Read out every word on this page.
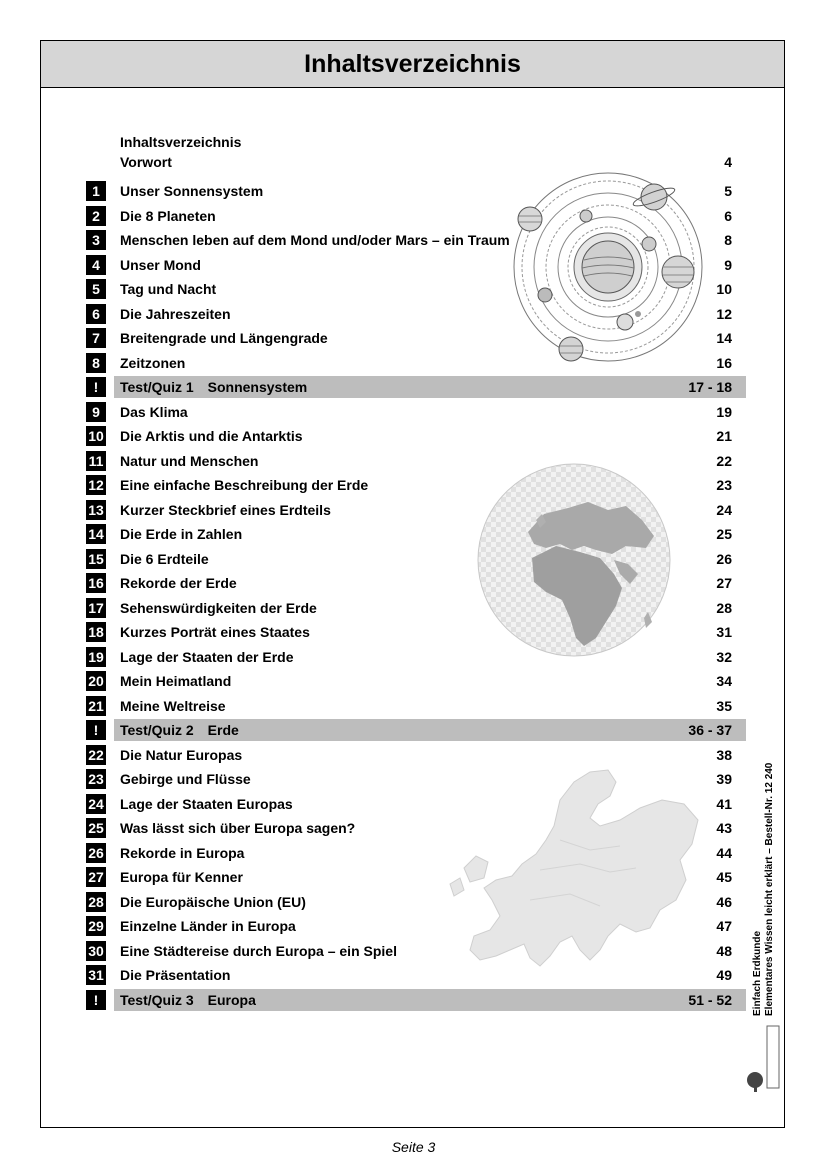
Inhaltsverzeichnis
Inhaltsverzeichnis
Vorwort	4
1	Unser Sonnensystem	5
2	Die 8 Planeten	6
3	Menschen leben auf dem Mond und/oder Mars – ein Traum	8
4	Unser Mond	9
5	Tag und Nacht	10
6	Die Jahreszeiten	12
7	Breitengrade und Längengrade	14
8	Zeitzonen	16
!	Test/Quiz 1 Sonnensystem	17 - 18
9	Das Klima	19
10 Die Arktis und die Antarktis	21
11 Natur und Menschen	22
12 Eine einfache Beschreibung der Erde	23
13 Kurzer Steckbrief eines Erdteils	24
14 Die Erde in Zahlen	25
15 Die 6 Erdteile	26
16 Rekorde der Erde	27
17 Sehenswürdigkeiten der Erde	28
18 Kurzes Porträt eines Staates	31
19 Lage der Staaten der Erde	32
20 Mein Heimatland	34
21 Meine Weltreise	35
!	Test/Quiz 2 Erde	36 - 37
22 Die Natur Europas	38
23 Gebirge und Flüsse	39
24 Lage der Staaten Europas	41
25 Was lässt sich über Europa sagen?	43
26 Rekorde in Europa	44
27 Europa für Kenner	45
28 Die Europäische Union (EU)	46
29 Einzelne Länder in Europa	47
30 Eine Städtereise durch Europa – ein Spiel	48
31 Die Präsentation	49
!	Test/Quiz 3 Europa	51 - 52 Einfach Erdkunde Elementares Wissen leicht erklärt – Bestell-Nr. 12 240
Seite 3
